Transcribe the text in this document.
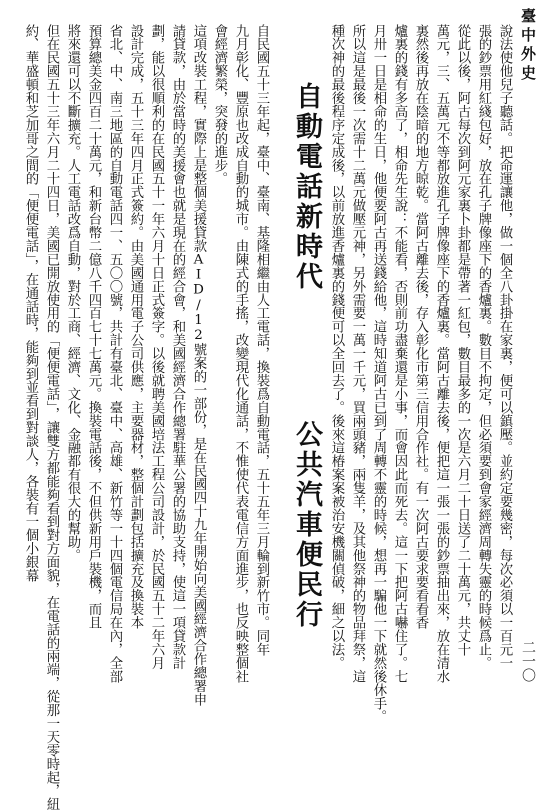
臺中外史
二一〇
說法使他兒子聽話。把命運讓他，做一個全八卦掛在家裏，便可以鎮壓。並約定要幾密，每次必須以一百元一
張的鈔票用紅綫包好，放在孔子牌像座下的香爐裏。數目不拘定，但必須要到會家經濟周轉失靈的時候爲止。
從此以後，阿古每次到阿元家裏卜卦都是帶著一紅包，數目最多的一次是六月二十日送了二十萬元，共丈十
萬元，三、五萬元不等都放進孔子牌像座下的香爐裏。當阿古離去後，便把這一張一張的鈔票抽出來，放在清水
裏然後再放在陰暗的地方晾乾。當阿古離去後，存入彰化市第三信用合作社。有一次阿古要求要看看香
爐裏的錢有多高了，相命先生說：不能看，否則前功盡棄還是小事，而會因此而死去。這一下把阿古嚇住了。七
月卅一日是相命的生日，他便要阿古再送錢給他，這時知道阿古已到了周轉不靈的時候，想再一騙他一下就然後休手。
所以這是最後一次需十二萬元做壓元神，另外需要一萬一千元，買兩頭豬，兩隻羊，及其他祭神的物品拜祭，這
種次神的最後程序定成後，以前放進香爐裏的錢便可以全回去了。後來這椿案案被治安機關偵破，細之以法。
自動電話新時代
公共汽車便民行
自民國五十三年起，臺中、臺南、基隆相繼由人工電話，換裝爲自動電話，五十五年三月輪到新竹市。同年
九月彰化、豐原也改成自動的城市。由陳式的手搖，改變現代化通話，不惟使代表電信方面進步，也反映整個社
會經濟繁榮，突發的進步。
這項改裝工程，實際上是整個美援貸款AID/12號案的一部份，是在民國四十九年開始向美國經濟合作總署申
請貸款，由於當時的美援會也就是現在的經合會，和美國經濟合作總署駐華公署的協助支持，使這一項貸款計
劃，能以很順利的在民國五十一年六月十日正式簽字。以後就聘美國培法工程公司設計，於民國五十二年六月
設計完成，五十三年四月正式簽約。由美國通用電子公司供應，主要器材，整個計劃包括擴充及換裝本
省北、中、南三地區的自動電話四一、五〇〇號，共計有臺北、臺中、高雄、新竹等一十四個電信局在內，全部
預算總美金四百二十萬元，和新台幣二億八千四百七十七萬元。換裝電話後，不但供新用戶裝機，而且
將來還可以不斷擴充。人工電話改爲自動，對於工商、經濟、文化、金融都有很大的幫助。
但在民國五十三年六月二十四日，美國已開放使用的「便便電話」，讓雙方都能夠看到對方面貌，在電話的兩端，從那一天零時起，紐
約、華盛頓和芝加哥之間的「便便電話」，在通話時，能夠到並看到對談人，各裝有一個小銀幕
